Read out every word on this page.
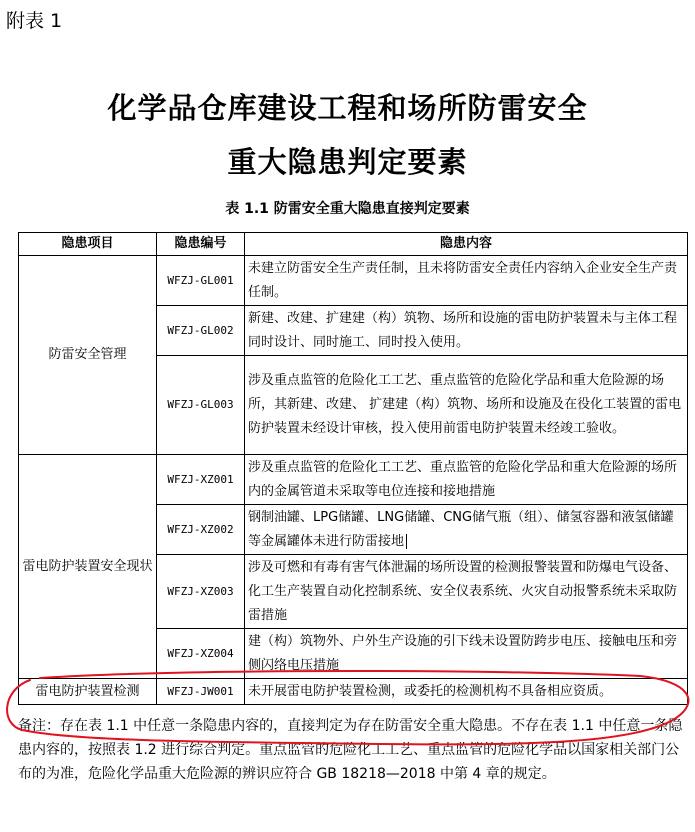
附表 1
化学品仓库建设工程和场所防雷安全
重大隐患判定要素
表 1.1 防雷安全重大隐患直接判定要素
隐患项目	隐患编号	隐患内容
防雷安全管理	WFZJ-GL001	未建立防雷安全生产责任制，且未将防雷安全责任内容纳入企业安全生产责任制。
	WFZJ-GL002	新建、改建、扩建建（构）筑物、场所和设施的雷电防护装置未与主体工程同时设计、同时施工、同时投入使用。
	WFZJ-GL003	涉及重点监管的危险化工工艺、重点监管的危险化学品和重大危险源的场所，其新建、改建、 扩建建（构）筑物、场所和设施及在役化工装置的雷电防护装置未经设计审核，投入使用前雷电防护装置未经竣工验收。
雷电防护装置安全现状	WFZJ-XZ001	涉及重点监管的危险化工工艺、重点监管的危险化学品和重大危险源的场所内的金属管道未采取等电位连接和接地措施
	WFZJ-XZ002	钢制油罐、LPG储罐、LNG储罐、CNG储气瓶（组）、储氢容器和液氢储罐等金属罐体未进行防雷接地
	WFZJ-XZ003	涉及可燃和有毒有害气体泄漏的场所设置的检测报警装置和防爆电气设备、化工生产装置自动化控制系统、安全仪表系统、火灾自动报警系统未采取防雷措施
	WFZJ-XZ004	建（构）筑物外、户外生产设施的引下线未设置防跨步电压、接触电压和旁侧闪络电压措施
雷电防护装置检测	WFZJ-JW001	未开展雷电防护装置检测，或委托的检测机构不具备相应资质。
备注：存在表 1.1 中任意一条隐患内容的，直接判定为存在防雷安全重大隐患。不存在表 1.1 中任意一条隐患内容的，按照表 1.2 进行综合判定。重点监管的危险化工工艺、重点监管的危险化学品以国家相关部门公布的为准，危险化学品重大危险源的辨识应符合 GB 18218—2018 中第 4 章的规定。
